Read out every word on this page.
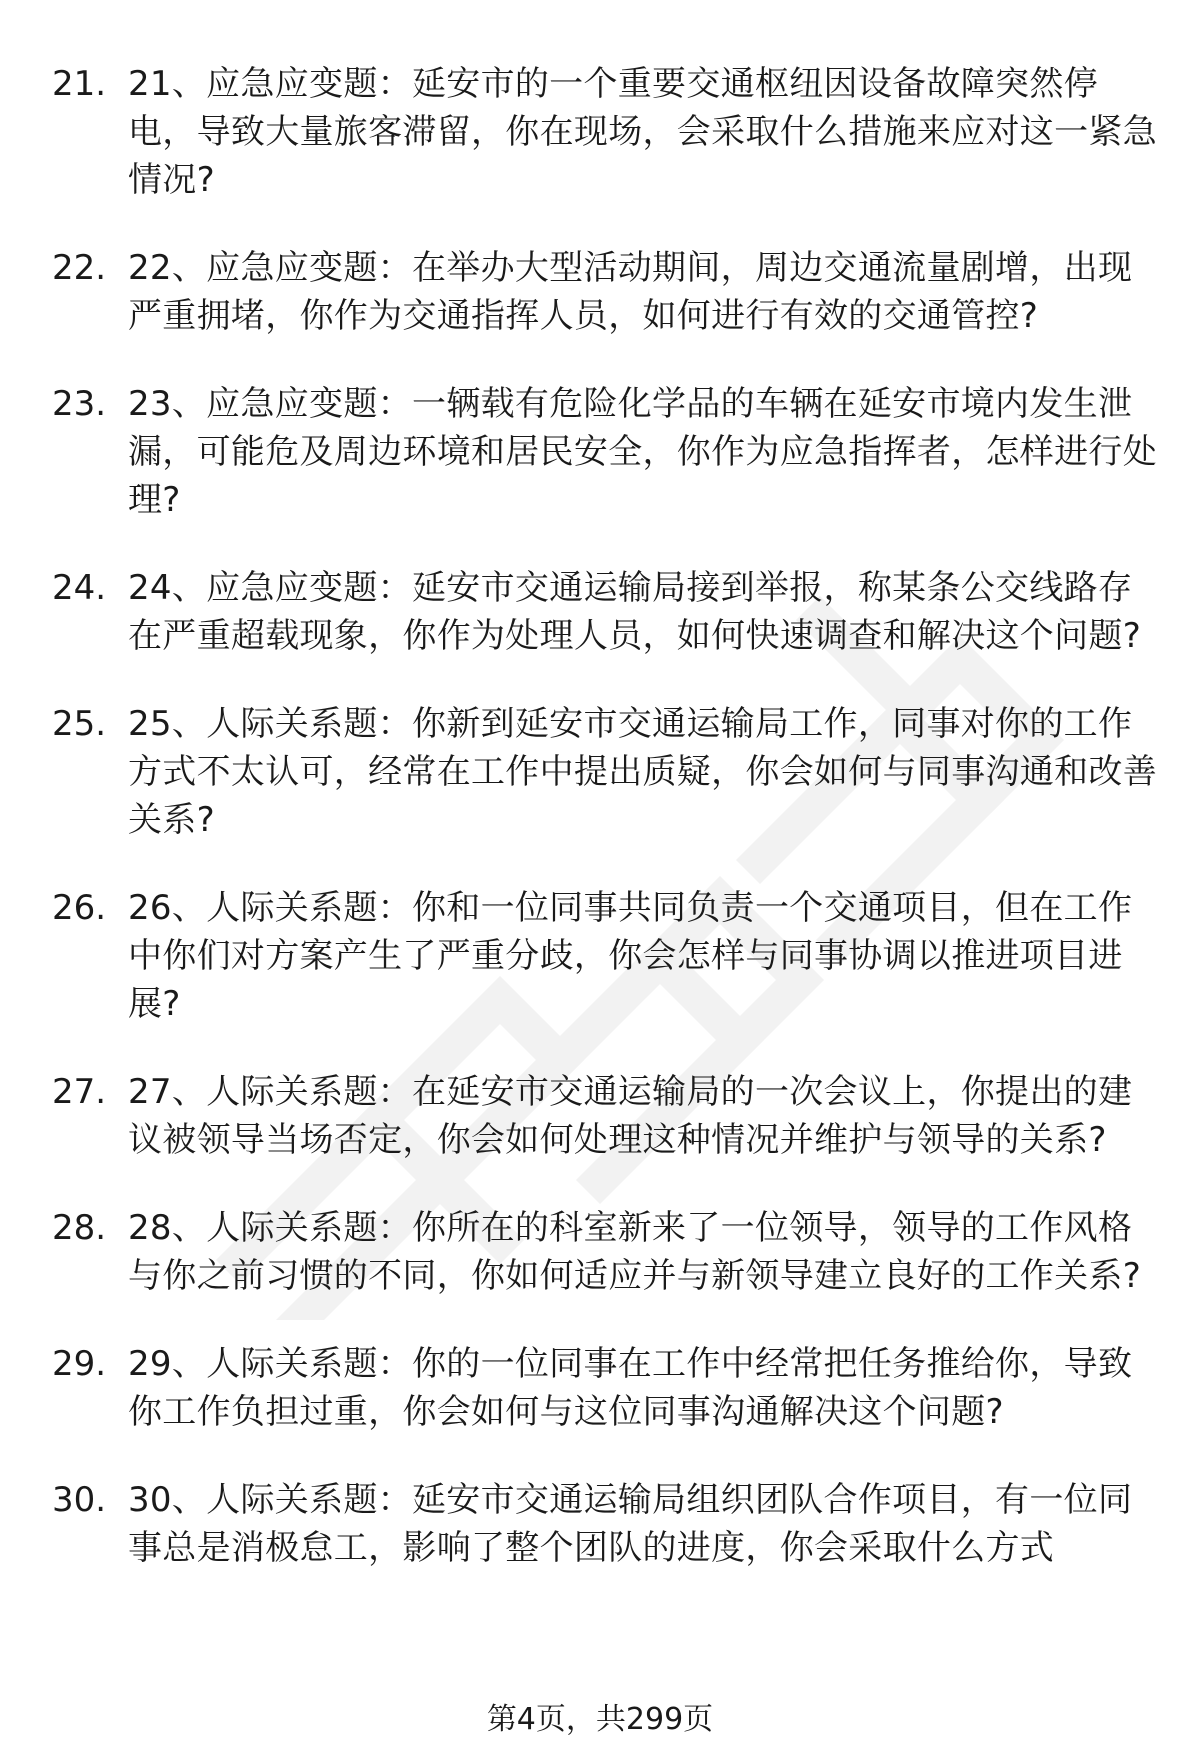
21. 21、应急应变题：延安市的一个重要交通枢纽因设备故障突然停电，导致大量旅客滞留，你在现场，会采取什么措施来应对这一紧急情况?
22. 22、应急应变题：在举办大型活动期间，周边交通流量剧增，出现严重拥堵，你作为交通指挥人员，如何进行有效的交通管控?
23. 23、应急应变题：一辆载有危险化学品的车辆在延安市境内发生泄漏，可能危及周边环境和居民安全，你作为应急指挥者，怎样进行处理?
24. 24、应急应变题：延安市交通运输局接到举报，称某条公交线路存在严重超载现象，你作为处理人员，如何快速调查和解决这个问题?
25. 25、人际关系题：你新到延安市交通运输局工作，同事对你的工作方式不太认可，经常在工作中提出质疑，你会如何与同事沟通和改善关系?
26. 26、人际关系题：你和一位同事共同负责一个交通项目，但在工作中你们对方案产生了严重分歧，你会怎样与同事协调以推进项目进展?
27. 27、人际关系题：在延安市交通运输局的一次会议上，你提出的建议被领导当场否定，你会如何处理这种情况并维护与领导的关系?
28. 28、人际关系题：你所在的科室新来了一位领导，领导的工作风格与你之前习惯的不同，你如何适应并与新领导建立良好的工作关系?
29. 29、人际关系题：你的一位同事在工作中经常把任务推给你，导致你工作负担过重，你会如何与这位同事沟通解决这个问题?
30. 30、人际关系题：延安市交通运输局组织团队合作项目，有一位同事总是消极怠工，影响了整个团队的进度，你会采取什么方式
第4页，共299页
